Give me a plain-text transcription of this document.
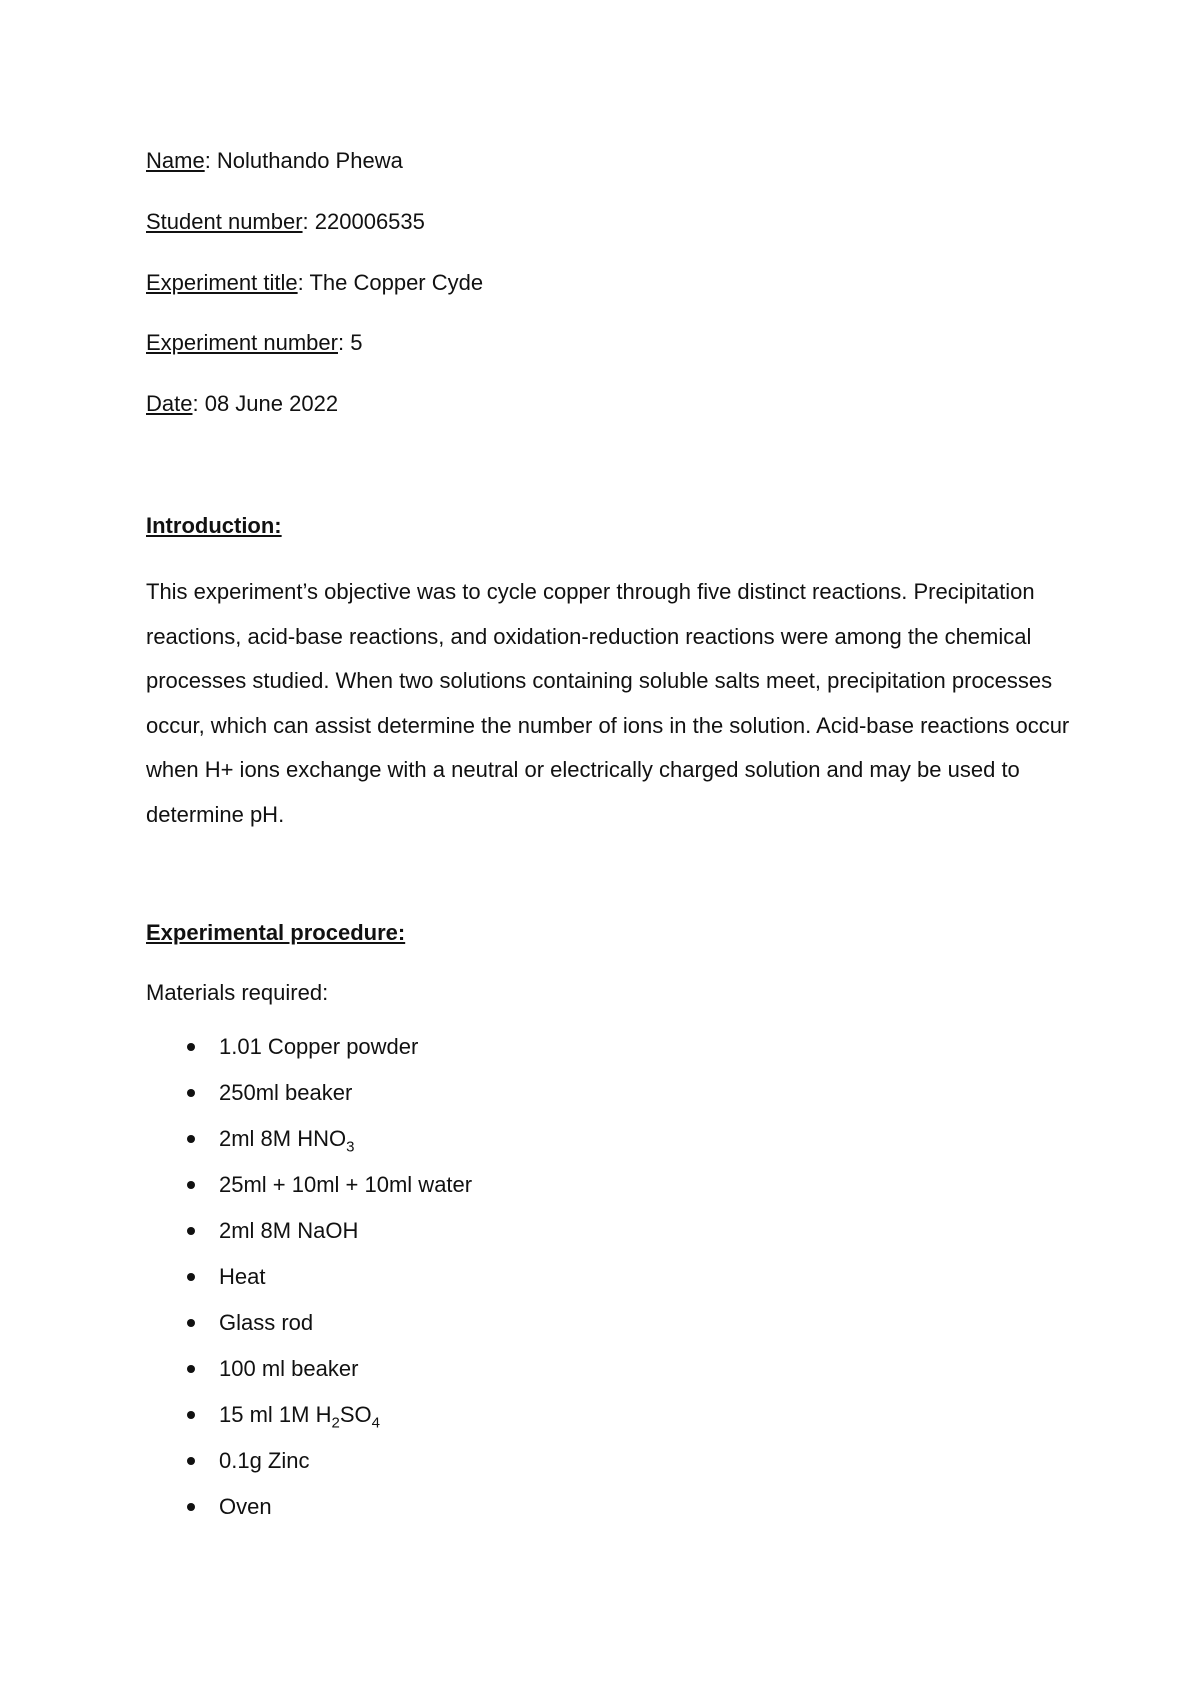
Name: Noluthando Phewa
Student number: 220006535
Experiment title: The Copper Cyde
Experiment number: 5
Date: 08 June 2022
Introduction:
This experiment’s objective was to cycle copper through five distinct reactions. Precipitation reactions, acid-base reactions, and oxidation-reduction reactions were among the chemical processes studied. When two solutions containing soluble salts meet, precipitation processes occur, which can assist determine the number of ions in the solution. Acid-base reactions occur when H+ ions exchange with a neutral or electrically charged solution and may be used to determine pH.
Experimental procedure:
Materials required:
1.01 Copper powder
250ml beaker
2ml 8M $HNO_3$
25ml + 10ml + 10ml water
2ml 8M NaOH
Heat
Glass rod
100 ml beaker
15 ml 1M $H_2SO_4$
0.1g Zinc
Oven
